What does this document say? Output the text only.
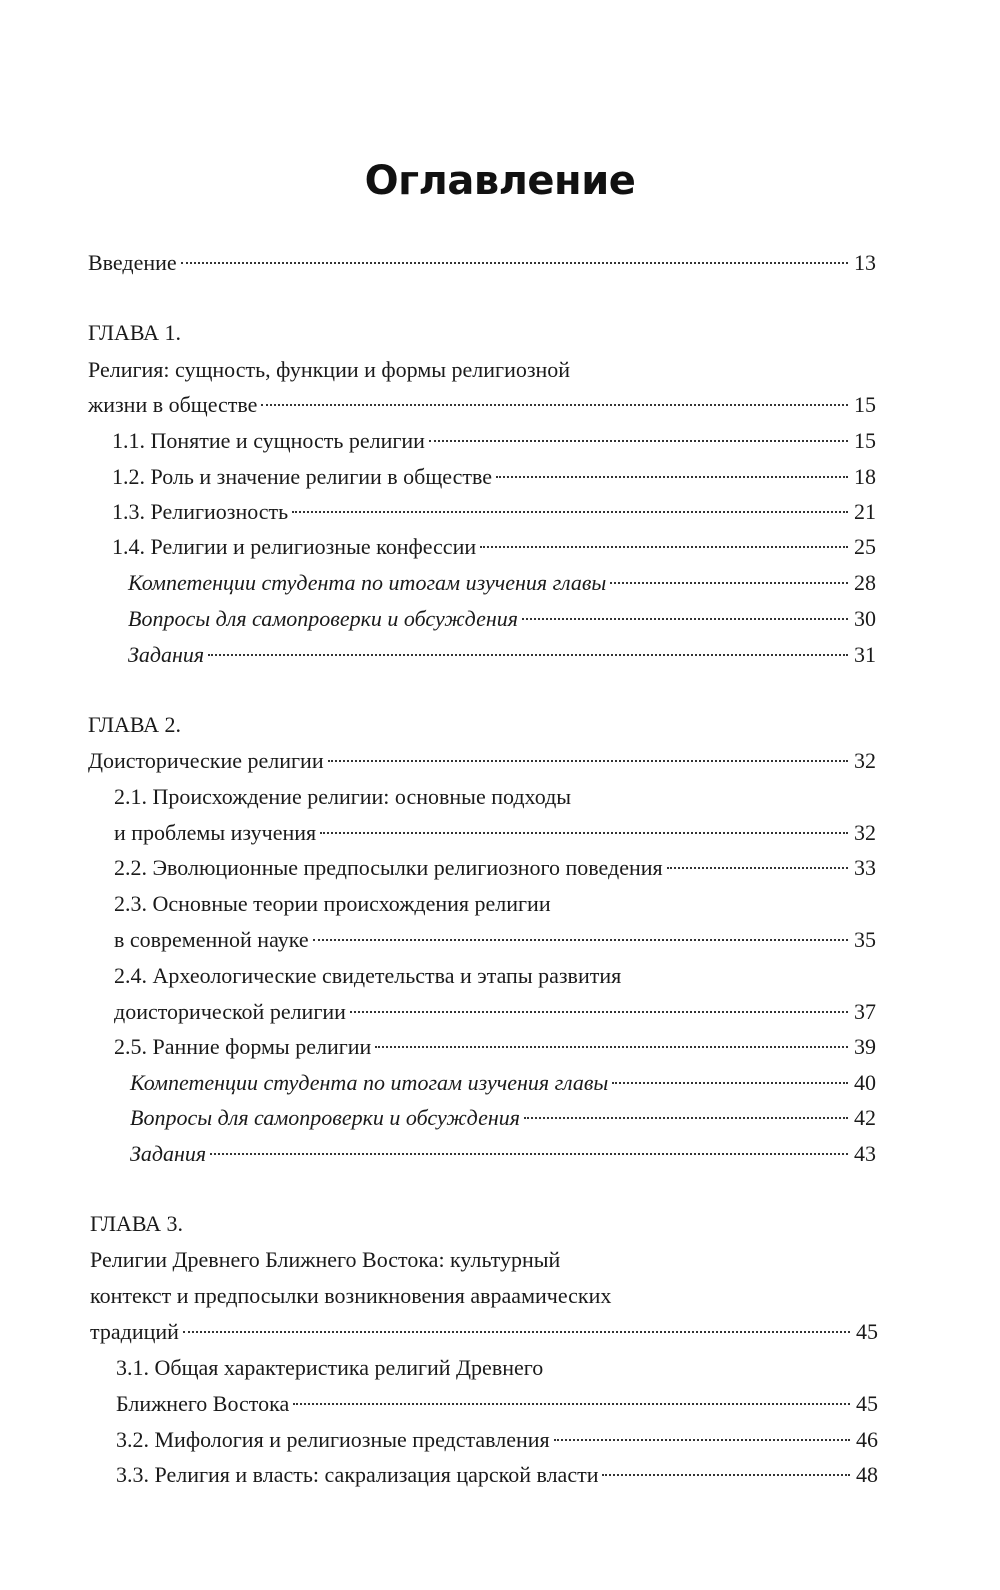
Оглавление
Введение	13
ГЛАВА 1.
Религия: сущность, функции и формы религиозной
жизни в обществе	15
1.1. Понятие и сущность религии	15
1.2. Роль и значение религии в обществе	18
1.3. Религиозность	21
1.4. Религии и религиозные конфессии	25
Компетенции студента по итогам изучения главы	28
Вопросы для самопроверки и обсуждения	30
Задания	31
ГЛАВА 2.
Доисторические религии	32
2.1. Происхождение религии: основные подходы
и проблемы изучения	32
2.2. Эволюционные предпосылки религиозного поведения	33
2.3. Основные теории происхождения религии
в современной науке	35
2.4. Археологические свидетельства и этапы развития
доисторической религии	37
2.5. Ранние формы религии	39
Компетенции студента по итогам изучения главы	40
Вопросы для самопроверки и обсуждения	42
Задания	43
ГЛАВА 3.
Религии Древнего Ближнего Востока: культурный
контекст и предпосылки возникновения авраамических
традиций	45
3.1. Общая характеристика религий Древнего
Ближнего Востока	45
3.2. Мифология и религиозные представления	46
3.3. Религия и власть: сакрализация царской власти	48
